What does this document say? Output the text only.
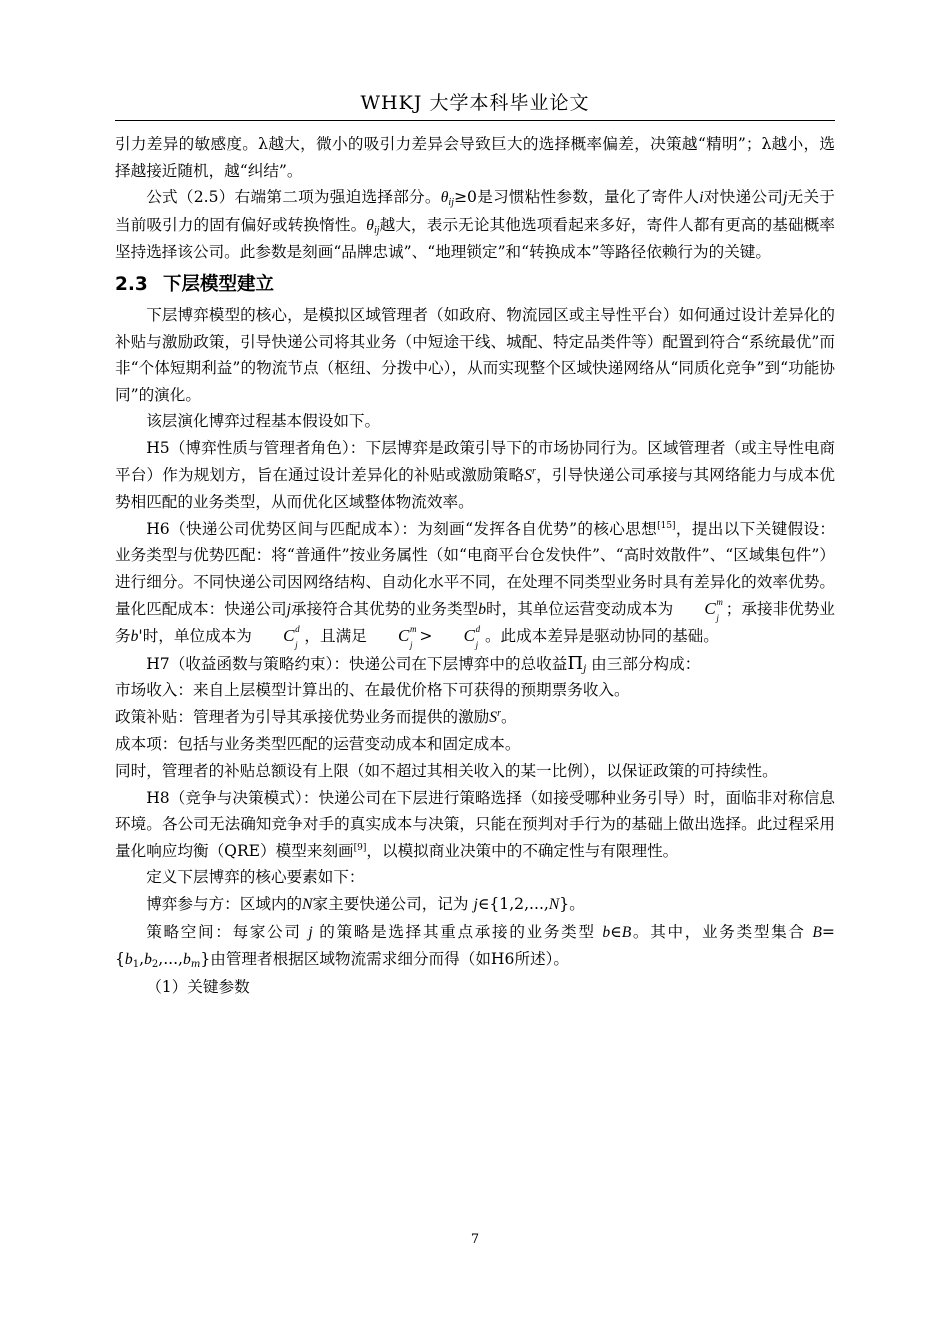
WHKJ 大学本科毕业论文

引力差异的敏感度。λ越大，微小的吸引力差异会导致巨大的选择概率偏差，决策越“精明”；λ越小，选择越接近随机，越“纠结”。

公式（2.5）右端第二项为强迫选择部分。$\theta_{ij}\ge 0$是习惯粘性参数，量化了寄件人i对快递公司j无关于当前吸引力的固有偏好或转换惰性。$\theta_{ij}$越大，表示无论其他选项看起来多好，寄件人都有更高的基础概率坚持选择该公司。此参数是刻画“品牌忠诚”、“地理锁定”和“转换成本”等路径依赖行为的关键。

2.3 下层模型建立

下层博弈模型的核心，是模拟区域管理者（如政府、物流园区或主导性平台）如何通过设计差异化的补贴与激励政策，引导快递公司将其业务（中短途干线、城配、特定品类件等）配置到符合“系统最优”而非“个体短期利益”的物流节点（枢纽、分拨中心），从而实现整个区域快递网络从“同质化竞争”到“功能协同”的演化。

该层演化博弈过程基本假设如下。

H5（博弈性质与管理者角色）：下层博弈是政策引导下的市场协同行为。区域管理者（或主导性电商平台）作为规划方，旨在通过设计差异化的补贴或激励策略$S^r$，引导快递公司承接与其网络能力与成本优势相匹配的业务类型，从而优化区域整体物流效率。

H6（快递公司优势区间与匹配成本）：为刻画“发挥各自优势”的核心思想[15]，提出以下关键假设：业务类型与优势匹配：将“普通件”按业务属性（如“电商平台仓发快件”、“高时效散件”、“区域集包件”）进行细分。不同快递公司因网络结构、自动化水平不同，在处理不同类型业务时具有差异化的效率优势。量化匹配成本：快递公司j承接符合其优势的业务类型b时，其单位运营变动成本为 C m
j ；承接非优势业务b'时，单位成本为 C d
j ，且满足 C m
j > C d
j 。此成本差异是驱动协同的基础。

H7（收益函数与策略约束）：快递公司在下层博弈中的总收益$\Pi_j$ 由三部分构成：

市场收入：来自上层模型计算出的、在最优价格下可获得的预期票务收入。

政策补贴：管理者为引导其承接优势业务而提供的激励$S^r$。

成本项：包括与业务类型匹配的运营变动成本和固定成本。

同时，管理者的补贴总额设有上限（如不超过其相关收入的某一比例），以保证政策的可持续性。

H8（竞争与决策模式）：快递公司在下层进行策略选择（如接受哪种业务引导）时，面临非对称信息环境。各公司无法确知竞争对手的真实成本与决策，只能在预判对手行为的基础上做出选择。此过程采用量化响应均衡（QRE）模型来刻画[9]，以模拟商业决策中的不确定性与有限理性。

定义下层博弈的核心要素如下：

博弈参与方：区域内的N家主要快递公司，记为 j∈{1,2,...,N}。

策略空间：每家公司 j 的策略是选择其重点承接的业务类型 b∈B。其中，业务类型集合 $B=\{b_1,b_2,...,b_m\}$由管理者根据区域物流需求细分而得（如H6所述）。

（1）关键参数

7
